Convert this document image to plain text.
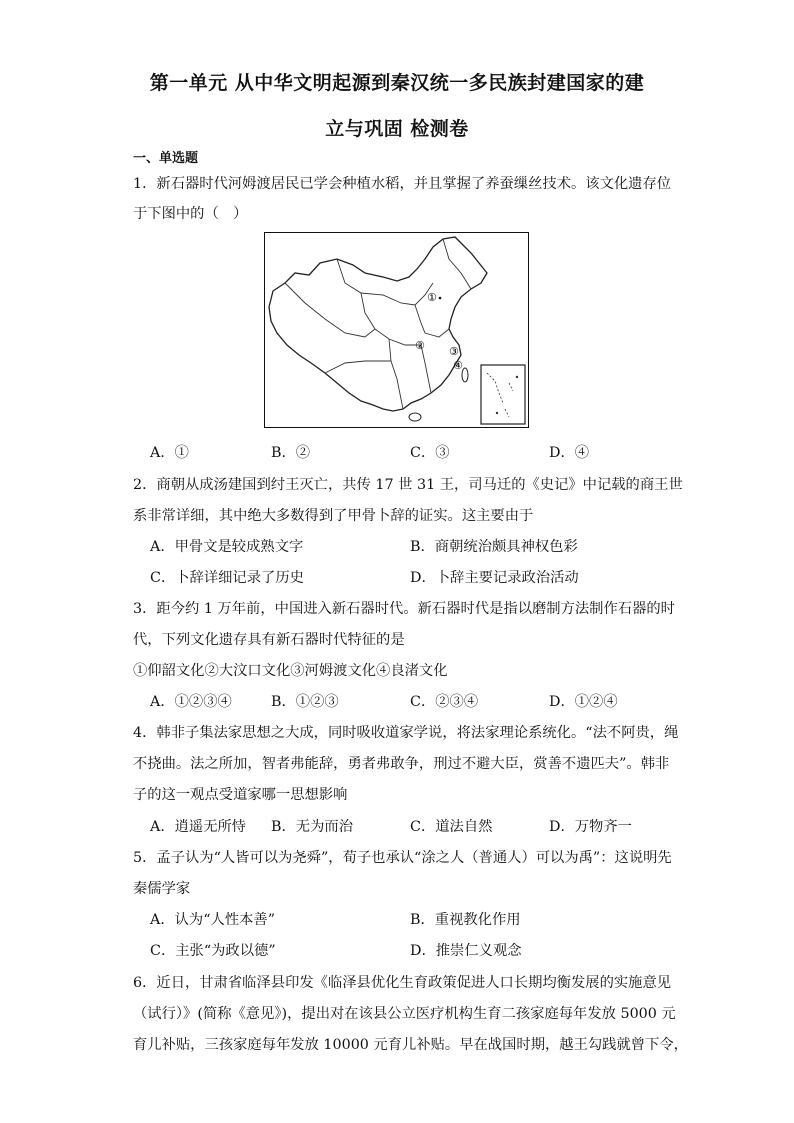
第一单元 从中华文明起源到秦汉统一多民族封建国家的建
立与巩固 检测卷
一、单选题
1．新石器时代河姆渡居民已学会种植水稻，并且掌握了养蚕缫丝技术。该文化遗存位
于下图中的（　）
①
② ③
④
A．①	B．②	C．③	D．④
2．商朝从成汤建国到纣王灭亡，共传 17 世 31 王，司马迁的《史记》中记载的商王世
系非常详细，其中绝大多数得到了甲骨卜辞的证实。这主要由于
A．甲骨文是较成熟文字	B．商朝统治颇具神权色彩
C．卜辞详细记录了历史	D．卜辞主要记录政治活动
3．距今约 1 万年前，中国进入新石器时代。新石器时代是指以磨制方法制作石器的时
代，下列文化遗存具有新石器时代特征的是
①仰韶文化②大汶口文化③河姆渡文化④良渚文化
A．①②③④	B．①②③	C．②③④	D．①②④
4．韩非子集法家思想之大成，同时吸收道家学说，将法家理论系统化。“法不阿贵，绳
不挠曲。法之所加，智者弗能辞，勇者弗敢争，刑过不避大臣，赏善不遗匹夫”。韩非
子的这一观点受道家哪一思想影响
A．逍遥无所恃 B．无为而治	C．道法自然	D．万物齐一
5．孟子认为“人皆可以为尧舜”，荀子也承认“涂之人（普通人）可以为禹”：这说明先
秦儒学家
A．认为“人性本善”	B．重视教化作用
C．主张“为政以德”	D．推崇仁义观念
6．近日，甘肃省临泽县印发《临泽县优化生育政策促进人口长期均衡发展的实施意见
（试行）》(简称《意见》)，提出对在该县公立医疗机构生育二孩家庭每年发放 5000 元
育儿补贴，三孩家庭每年发放 10000 元育儿补贴。早在战国时期，越王勾践就曾下令，
